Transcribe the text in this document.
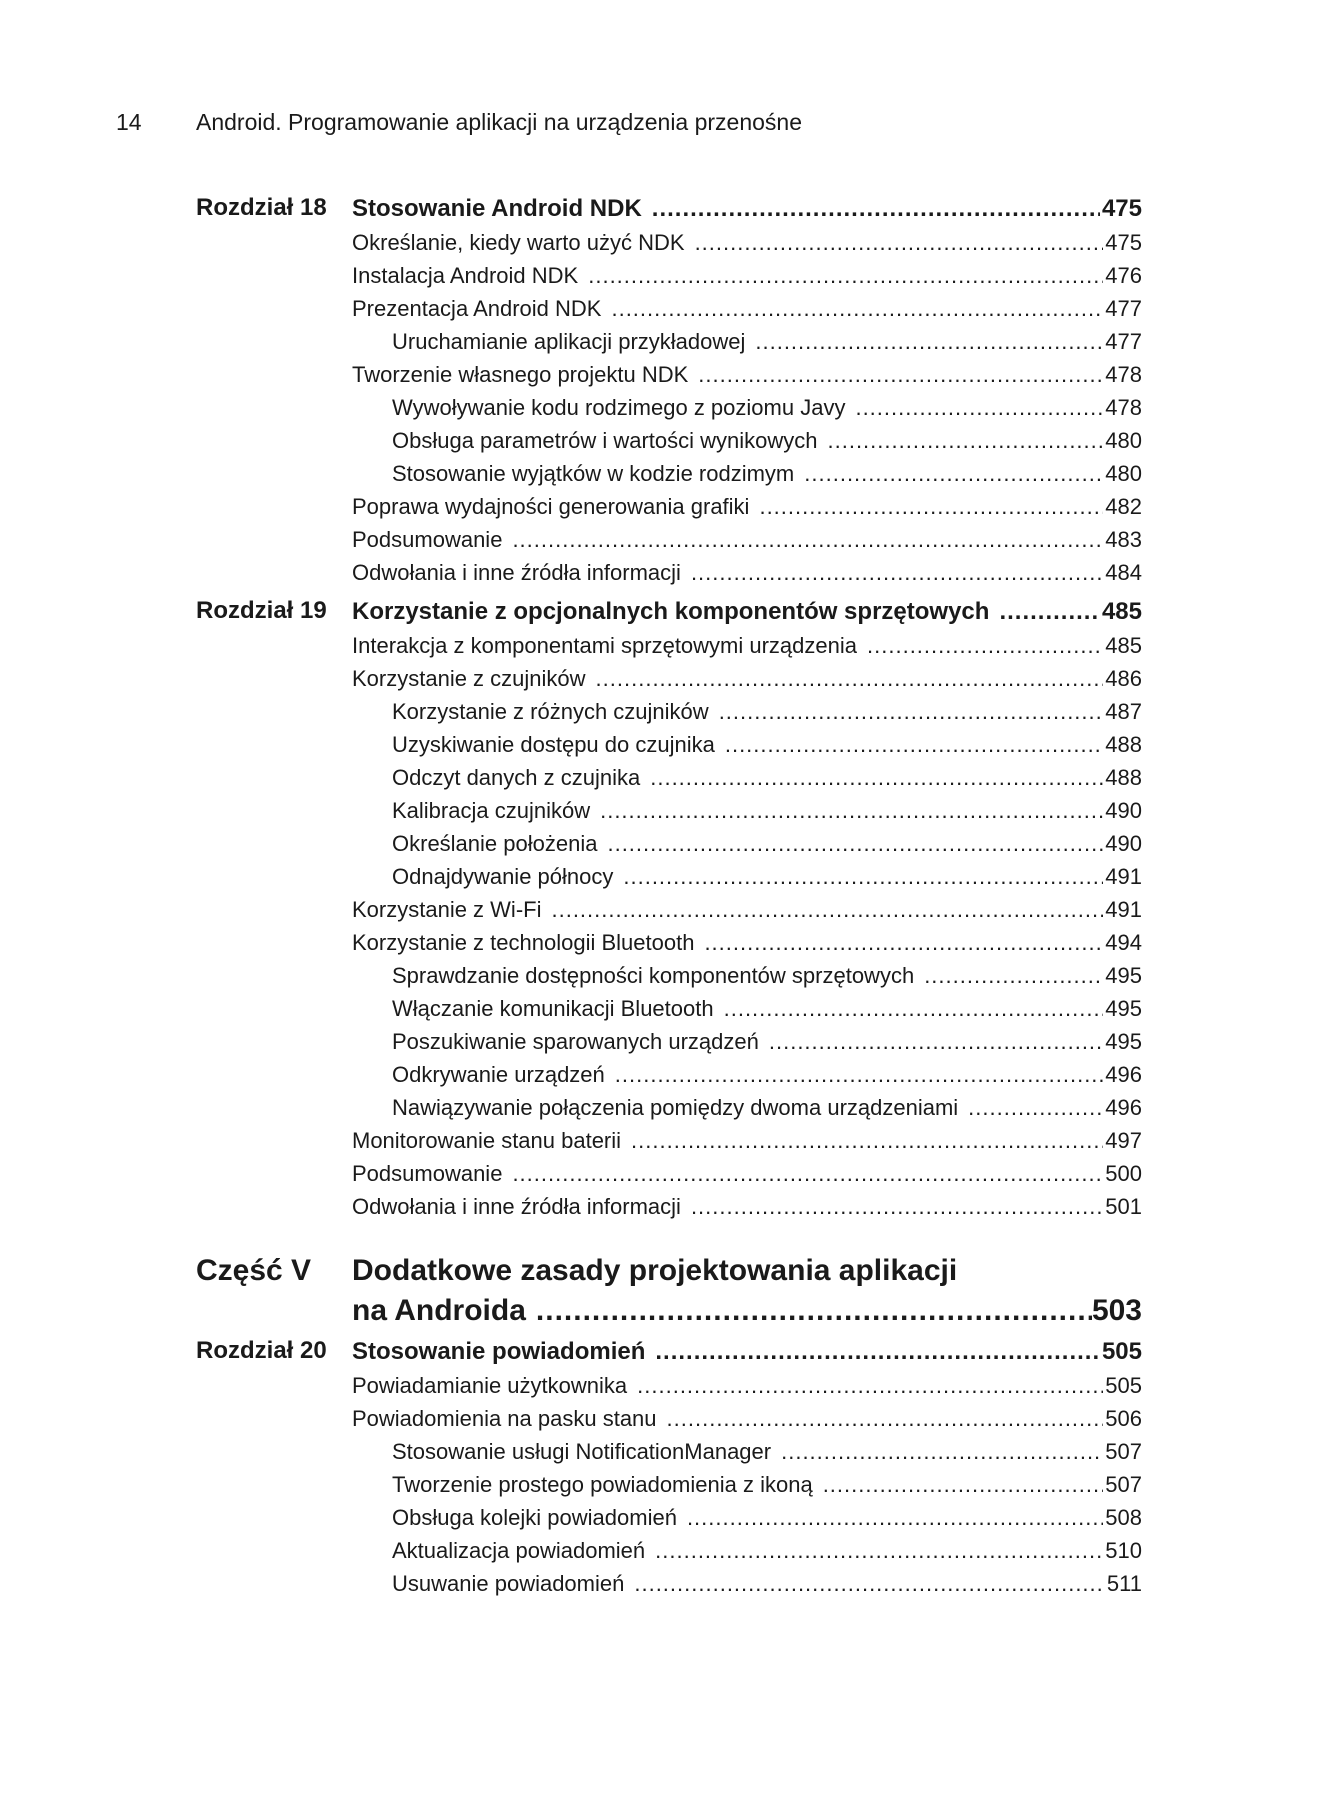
14 Android. Programowanie aplikacji na urządzenia przenośne
Rozdział 18	Stosowanie Android NDK .....	475
Określanie, kiedy warto użyć NDK .....	475
Instalacja Android NDK .....	476
Prezentacja Android NDK .....	477
Uruchamianie aplikacji przykładowej .....	477
Tworzenie własnego projektu NDK .....	478
Wywoływanie kodu rodzimego z poziomu Javy .....	478
Obsługa parametrów i wartości wynikowych .....	480
Stosowanie wyjątków w kodzie rodzimym .....	480
Poprawa wydajności generowania grafiki .....	482
Podsumowanie .....	483
Odwołania i inne źródła informacji .....	484
Rozdział 19	Korzystanie z opcjonalnych komponentów sprzętowych .....	485
Interakcja z komponentami sprzętowymi urządzenia .....	485
Korzystanie z czujników .....	486
Korzystanie z różnych czujników .....	487
Uzyskiwanie dostępu do czujnika .....	488
Odczyt danych z czujnika .....	488
Kalibracja czujników .....	490
Określanie położenia .....	490
Odnajdywanie północy .....	491
Korzystanie z Wi-Fi .....	491
Korzystanie z technologii Bluetooth .....	494
Sprawdzanie dostępności komponentów sprzętowych .....	495
Włączanie komunikacji Bluetooth .....	495
Poszukiwanie sparowanych urządzeń .....	495
Odkrywanie urządzeń .....	496
Nawiązywanie połączenia pomiędzy dwoma urządzeniami .....	496
Monitorowanie stanu baterii .....	497
Podsumowanie .....	500
Odwołania i inne źródła informacji .....	501
Część V	Dodatkowe zasady projektowania aplikacji
na Androida .....	503
Rozdział 20	Stosowanie powiadomień .....	505
Powiadamianie użytkownika .....	505
Powiadomienia na pasku stanu .....	506
Stosowanie usługi NotificationManager .....	507
Tworzenie prostego powiadomienia z ikoną .....	507
Obsługa kolejki powiadomień .....	508
Aktualizacja powiadomień .....	510
Usuwanie powiadomień .....	511
